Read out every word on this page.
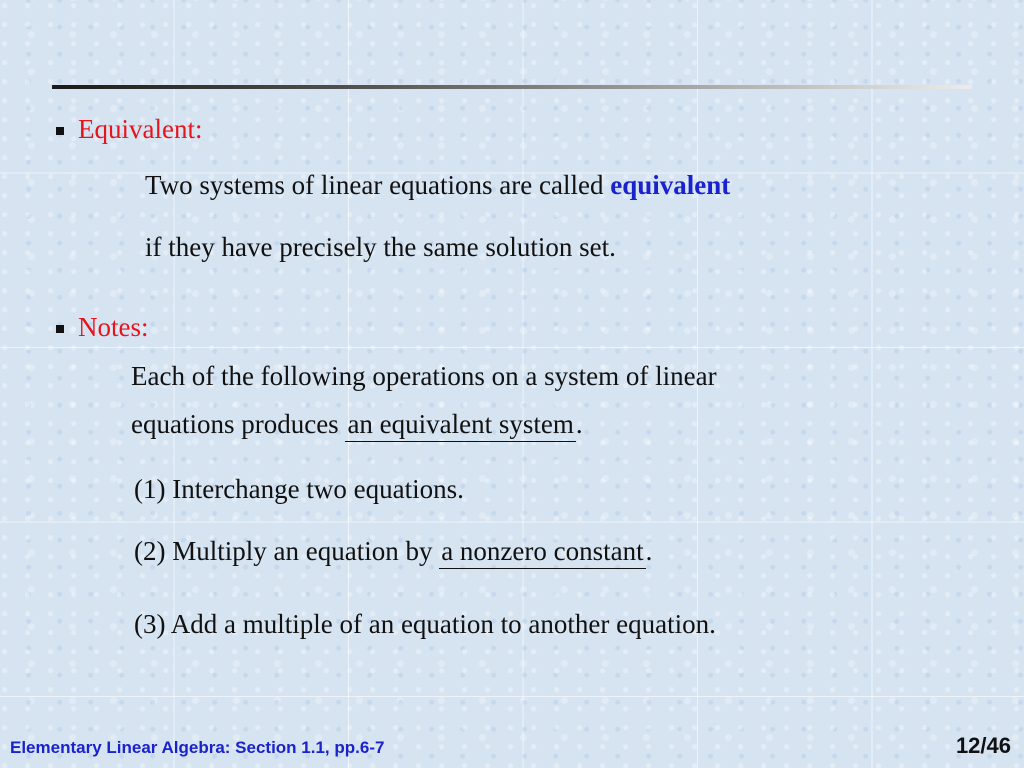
Equivalent:
Two systems of linear equations are called equivalent
if they have precisely the same solution set.
Notes:
Each of the following operations on a system of linear
equations produces an equivalent system.
(1) Interchange two equations.
(2) Multiply an equation by a nonzero constant.
(3) Add a multiple of an equation to another equation.
Elementary Linear Algebra: Section 1.1, pp.6-7	12/46
